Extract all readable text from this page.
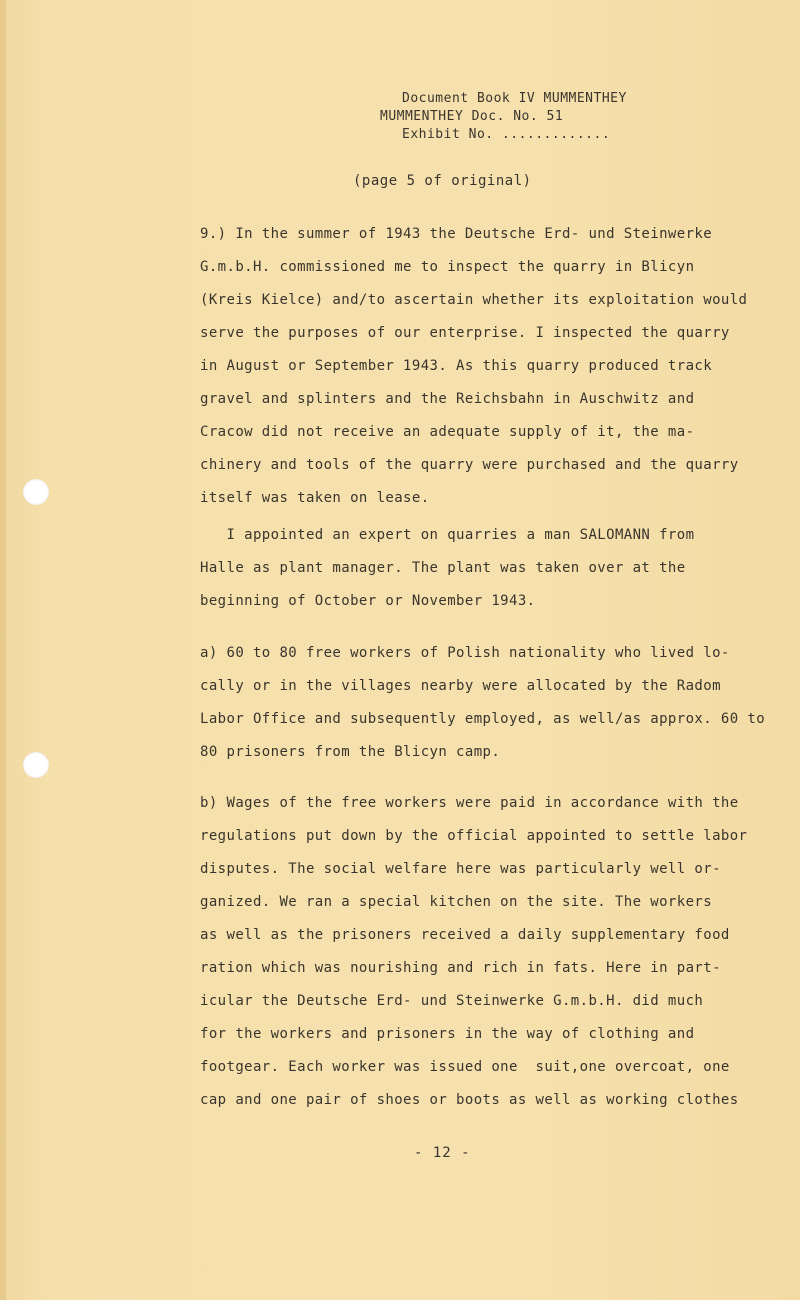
Document Book IV MUMMENTHEY
MUMMENTHEY Doc. No. 51
Exhibit No. .............
(page 5 of original)
9.) In the summer of 1943 the Deutsche Erd- und Steinwerke
G.m.b.H. commissioned me to inspect the quarry in Blicyn
(Kreis Kielce) and/to ascertain whether its exploitation would
serve the purposes of our enterprise. I inspected the quarry
in August or September 1943. As this quarry produced track
gravel and splinters and the Reichsbahn in Auschwitz and
Cracow did not receive an adequate supply of it, the ma-
chinery and tools of the quarry were purchased and the quarry
itself was taken on lease.
I appointed an expert on quarries a man SALOMANN from
Halle as plant manager. The plant was taken over at the
beginning of October or November 1943.
a) 60 to 80 free workers of Polish nationality who lived lo-
cally or in the villages nearby were allocated by the Radom
Labor Office and subsequently employed, as well/as approx. 60 to
80 prisoners from the Blicyn camp.
b) Wages of the free workers were paid in accordance with the
regulations put down by the official appointed to settle labor
disputes. The social welfare here was particularly well or-
ganized. We ran a special kitchen on the site. The workers
as well as the prisoners received a daily supplementary food
ration which was nourishing and rich in fats. Here in part-
icular the Deutsche Erd- und Steinwerke G.m.b.H. did much
for the workers and prisoners in the way of clothing and
footgear. Each worker was issued one  suit,one overcoat, one
cap and one pair of shoes or boots as well as working clothes
- 12 -
